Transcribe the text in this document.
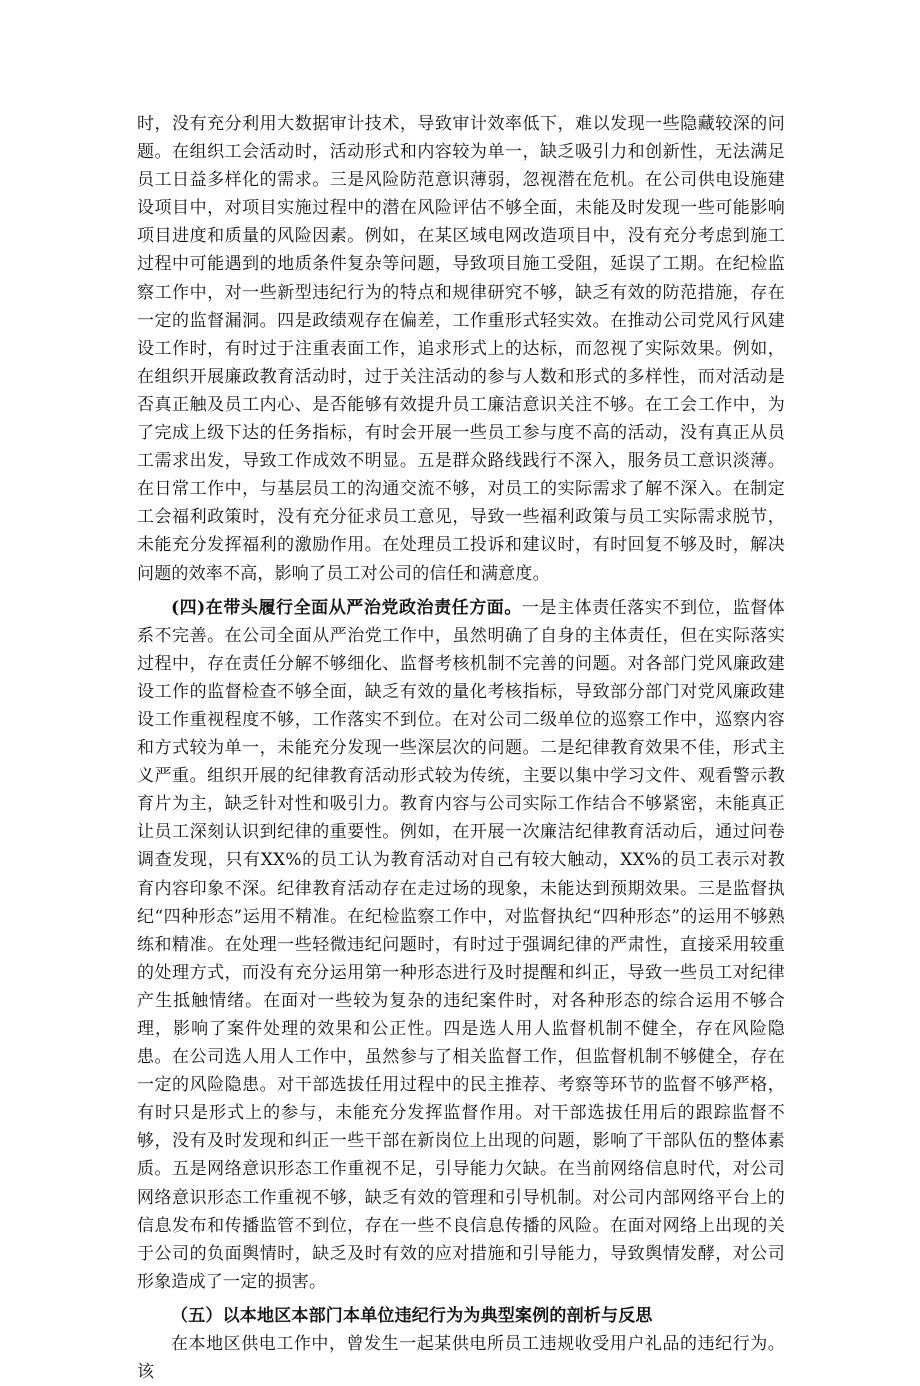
时，没有充分利用大数据审计技术，导致审计效率低下，难以发现一些隐藏较深的问题。在组织工会活动时，活动形式和内容较为单一，缺乏吸引力和创新性，无法满足员工日益多样化的需求。三是风险防范意识薄弱，忽视潜在危机。在公司供电设施建设项目中，对项目实施过程中的潜在风险评估不够全面，未能及时发现一些可能影响项目进度和质量的风险因素。例如，在某区域电网改造项目中，没有充分考虑到施工过程中可能遇到的地质条件复杂等问题，导致项目施工受阻，延误了工期。在纪检监察工作中，对一些新型违纪行为的特点和规律研究不够，缺乏有效的防范措施，存在一定的监督漏洞。四是政绩观存在偏差，工作重形式轻实效。在推动公司党风行风建设工作时，有时过于注重表面工作，追求形式上的达标，而忽视了实际效果。例如，在组织开展廉政教育活动时，过于关注活动的参与人数和形式的多样性，而对活动是否真正触及员工内心、是否能够有效提升员工廉洁意识关注不够。在工会工作中，为了完成上级下达的任务指标，有时会开展一些员工参与度不高的活动，没有真正从员工需求出发，导致工作成效不明显。五是群众路线践行不深入，服务员工意识淡薄。在日常工作中，与基层员工的沟通交流不够，对员工的实际需求了解不深入。在制定工会福利政策时，没有充分征求员工意见，导致一些福利政策与员工实际需求脱节，未能充分发挥福利的激励作用。在处理员工投诉和建议时，有时回复不够及时，解决问题的效率不高，影响了员工对公司的信任和满意度。

(四)在带头履行全面从严治党政治责任方面。一是主体责任落实不到位，监督体系不完善。在公司全面从严治党工作中，虽然明确了自身的主体责任，但在实际落实过程中，存在责任分解不够细化、监督考核机制不完善的问题。对各部门党风廉政建设工作的监督检查不够全面，缺乏有效的量化考核指标，导致部分部门对党风廉政建设工作重视程度不够，工作落实不到位。在对公司二级单位的巡察工作中，巡察内容和方式较为单一，未能充分发现一些深层次的问题。二是纪律教育效果不佳，形式主义严重。组织开展的纪律教育活动形式较为传统，主要以集中学习文件、观看警示教育片为主，缺乏针对性和吸引力。教育内容与公司实际工作结合不够紧密，未能真正让员工深刻认识到纪律的重要性。例如，在开展一次廉洁纪律教育活动后，通过问卷调查发现，只有XX%的员工认为教育活动对自己有较大触动，XX%的员工表示对教育内容印象不深。纪律教育活动存在走过场的现象，未能达到预期效果。三是监督执纪“四种形态”运用不精准。在纪检监察工作中，对监督执纪“四种形态”的运用不够熟练和精准。在处理一些轻微违纪问题时，有时过于强调纪律的严肃性，直接采用较重的处理方式，而没有充分运用第一种形态进行及时提醒和纠正，导致一些员工对纪律产生抵触情绪。在面对一些较为复杂的违纪案件时，对各种形态的综合运用不够合理，影响了案件处理的效果和公正性。四是选人用人监督机制不健全，存在风险隐患。在公司选人用人工作中，虽然参与了相关监督工作，但监督机制不够健全，存在一定的风险隐患。对干部选拔任用过程中的民主推荐、考察等环节的监督不够严格，有时只是形式上的参与，未能充分发挥监督作用。对干部选拔任用后的跟踪监督不够，没有及时发现和纠正一些干部在新岗位上出现的问题，影响了干部队伍的整体素质。五是网络意识形态工作重视不足，引导能力欠缺。在当前网络信息时代，对公司网络意识形态工作重视不够，缺乏有效的管理和引导机制。对公司内部网络平台上的信息发布和传播监管不到位，存在一些不良信息传播的风险。在面对网络上出现的关于公司的负面舆情时，缺乏及时有效的应对措施和引导能力，导致舆情发酵，对公司形象造成了一定的损害。

（五）以本地区本部门本单位违纪行为为典型案例的剖析与反思

在本地区供电工作中，曾发生一起某供电所员工违规收受用户礼品的违纪行为。该
